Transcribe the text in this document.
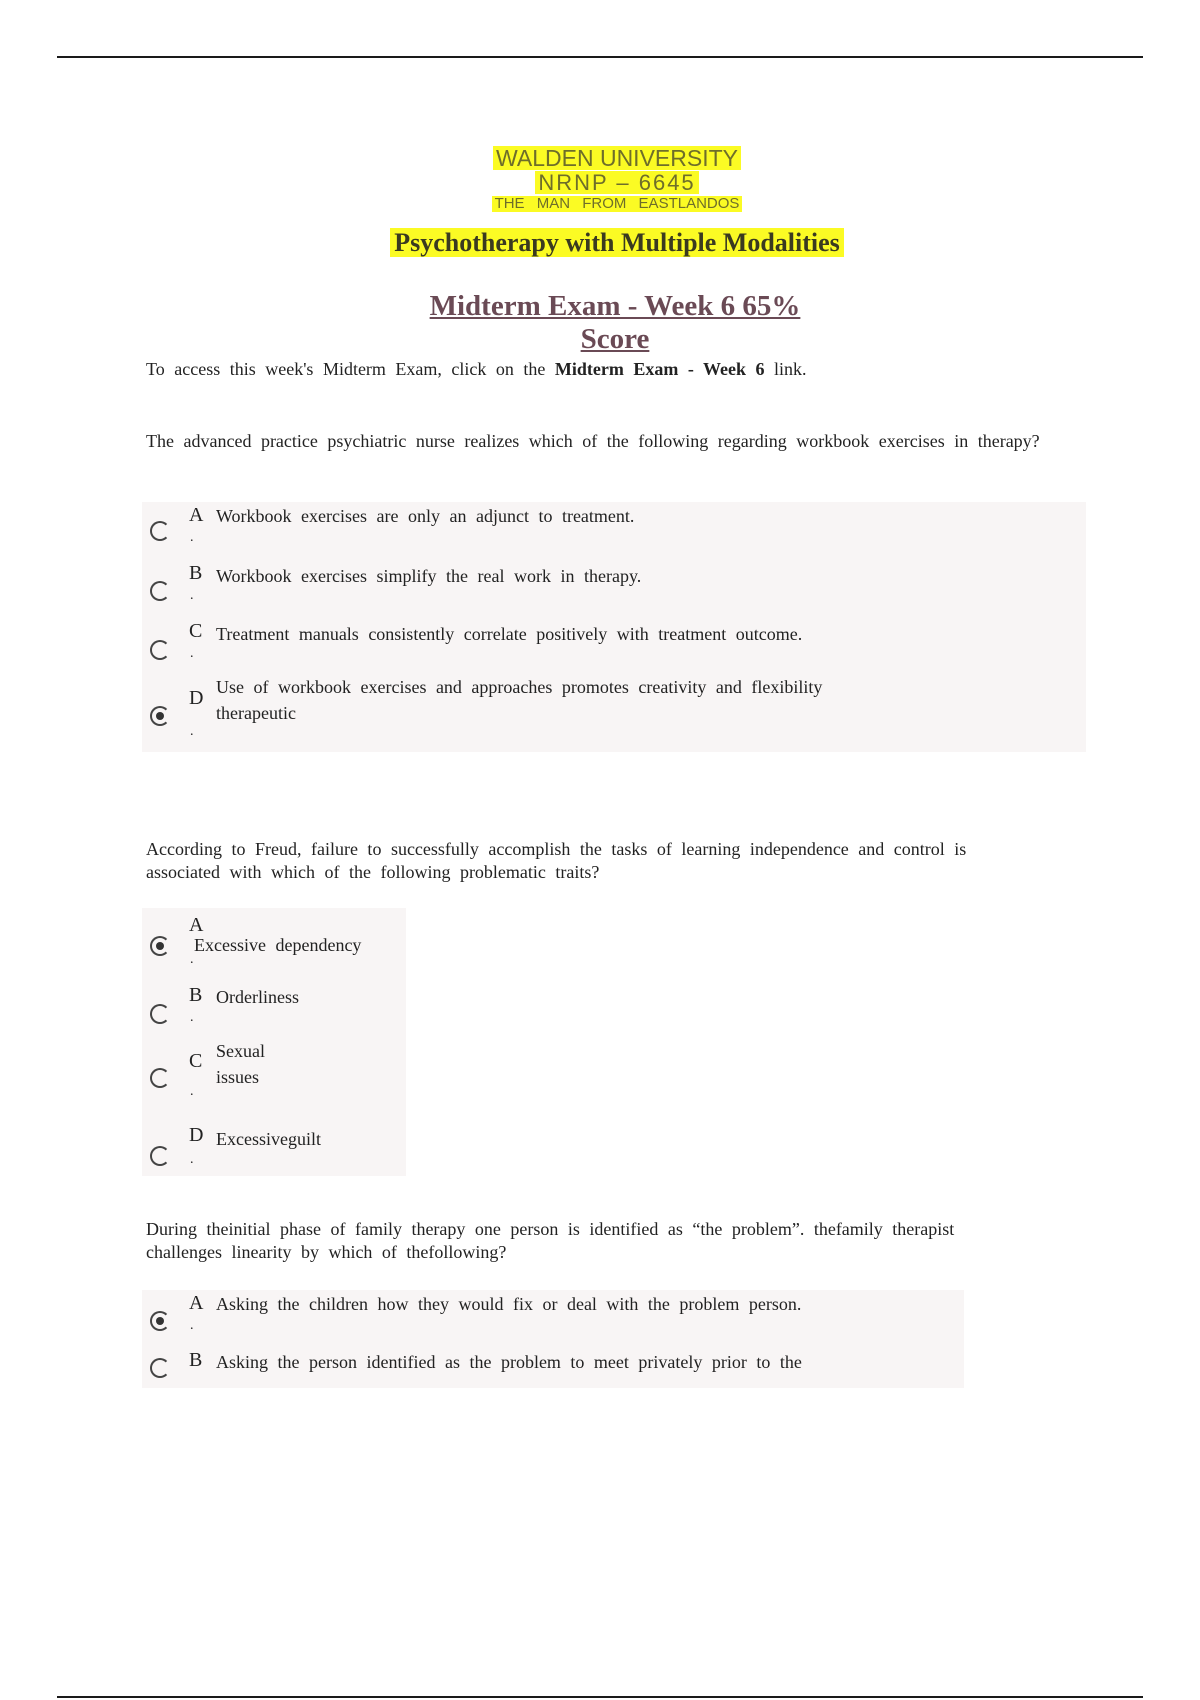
WALDEN UNIVERSITY
NRNP – 6645
THE MAN FROM EASTLANDOS
Psychotherapy with Multiple Modalities
Midterm Exam - Week 6 65%
Score
To access this week's Midterm Exam, click on the Midterm Exam - Week 6 link.
The advanced practice psychiatric nurse realizes which of the following regarding workbook exercises in therapy?
A
.
Workbook exercises are only an adjunct to treatment.
B
.
Workbook exercises simplify the real work in therapy.
C
.
Treatment manuals consistently correlate positively with treatment outcome.
D
.
Use of workbook exercises and approaches promotes creativity and flexibility
therapeutic
According to Freud, failure to successfully accomplish the tasks of learning independence and control is associated with which of the following problematic traits?
A
.
Excessive dependency
B
.
Orderliness
C
.
Sexual
issues
D
.
Excessiveguilt
During theinitial phase of family therapy one person is identified as “the problem”. thefamily therapist challenges linearity by which of thefollowing?
A
.
Asking the children how they would fix or deal with the problem person.
B Asking the person identified as the problem to meet privately prior to the
